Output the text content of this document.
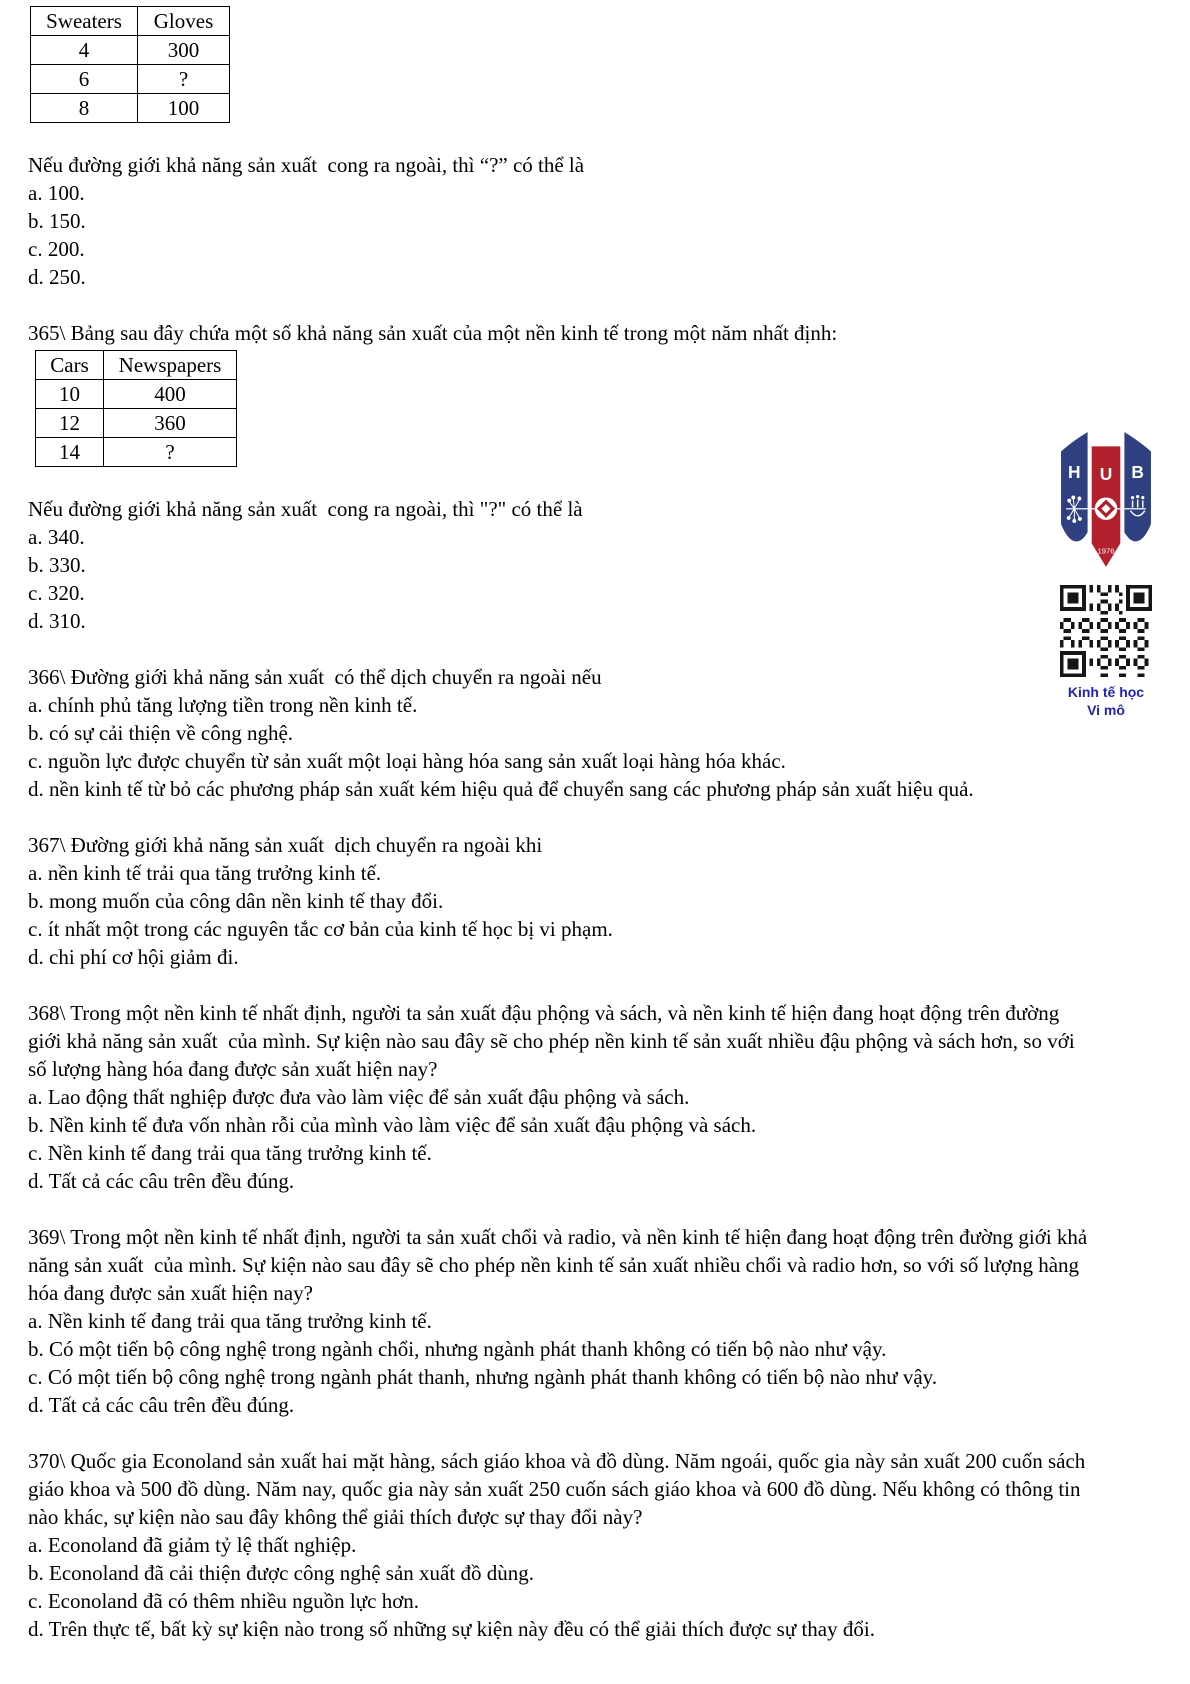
Sweaters	Gloves
4	300
6	?
8	100
Nếu đường giới khả năng sản xuất  cong ra ngoài, thì “?” có thể là
a. 100.
b. 150.
c. 200.
d. 250.
365\ Bảng sau đây chứa một số khả năng sản xuất của một nền kinh tế trong một năm nhất định:
Cars	Newspapers
10	400
12	360
14	?
Nếu đường giới khả năng sản xuất  cong ra ngoài, thì "?" có thể là
a. 340.
b. 330.
c. 320.
d. 310.
366\ Đường giới khả năng sản xuất  có thể dịch chuyển ra ngoài nếu
a. chính phủ tăng lượng tiền trong nền kinh tế.
b. có sự cải thiện về công nghệ.
c. nguồn lực được chuyển từ sản xuất một loại hàng hóa sang sản xuất loại hàng hóa khác.
d. nền kinh tế từ bỏ các phương pháp sản xuất kém hiệu quả để chuyển sang các phương pháp sản xuất hiệu quả.
367\ Đường giới khả năng sản xuất  dịch chuyển ra ngoài khi
a. nền kinh tế trải qua tăng trưởng kinh tế.
b. mong muốn của công dân nền kinh tế thay đổi.
c. ít nhất một trong các nguyên tắc cơ bản của kinh tế học bị vi phạm.
d. chi phí cơ hội giảm đi.
368\ Trong một nền kinh tế nhất định, người ta sản xuất đậu phộng và sách, và nền kinh tế hiện đang hoạt động trên đường giới khả năng sản xuất  của mình. Sự kiện nào sau đây sẽ cho phép nền kinh tế sản xuất nhiều đậu phộng và sách hơn, so với số lượng hàng hóa đang được sản xuất hiện nay?
a. Lao động thất nghiệp được đưa vào làm việc để sản xuất đậu phộng và sách.
b. Nền kinh tế đưa vốn nhàn rỗi của mình vào làm việc để sản xuất đậu phộng và sách.
c. Nền kinh tế đang trải qua tăng trưởng kinh tế.
d. Tất cả các câu trên đều đúng.
369\ Trong một nền kinh tế nhất định, người ta sản xuất chổi và radio, và nền kinh tế hiện đang hoạt động trên đường giới khả năng sản xuất  của mình. Sự kiện nào sau đây sẽ cho phép nền kinh tế sản xuất nhiều chổi và radio hơn, so với số lượng hàng hóa đang được sản xuất hiện nay?
a. Nền kinh tế đang trải qua tăng trưởng kinh tế.
b. Có một tiến bộ công nghệ trong ngành chổi, nhưng ngành phát thanh không có tiến bộ nào như vậy.
c. Có một tiến bộ công nghệ trong ngành phát thanh, nhưng ngành phát thanh không có tiến bộ nào như vậy.
d. Tất cả các câu trên đều đúng.
370\ Quốc gia Econoland sản xuất hai mặt hàng, sách giáo khoa và đồ dùng. Năm ngoái, quốc gia này sản xuất 200 cuốn sách giáo khoa và 500 đồ dùng. Năm nay, quốc gia này sản xuất 250 cuốn sách giáo khoa và 600 đồ dùng. Nếu không có thông tin nào khác, sự kiện nào sau đây không thể giải thích được sự thay đổi này?
a. Econoland đã giảm tỷ lệ thất nghiệp.
b. Econoland đã cải thiện được công nghệ sản xuất đồ dùng.
c. Econoland đã có thêm nhiều nguồn lực hơn.
d. Trên thực tế, bất kỳ sự kiện nào trong số những sự kiện này đều có thể giải thích được sự thay đổi.
H U B
1976
Kinh tế học
Vi mô
